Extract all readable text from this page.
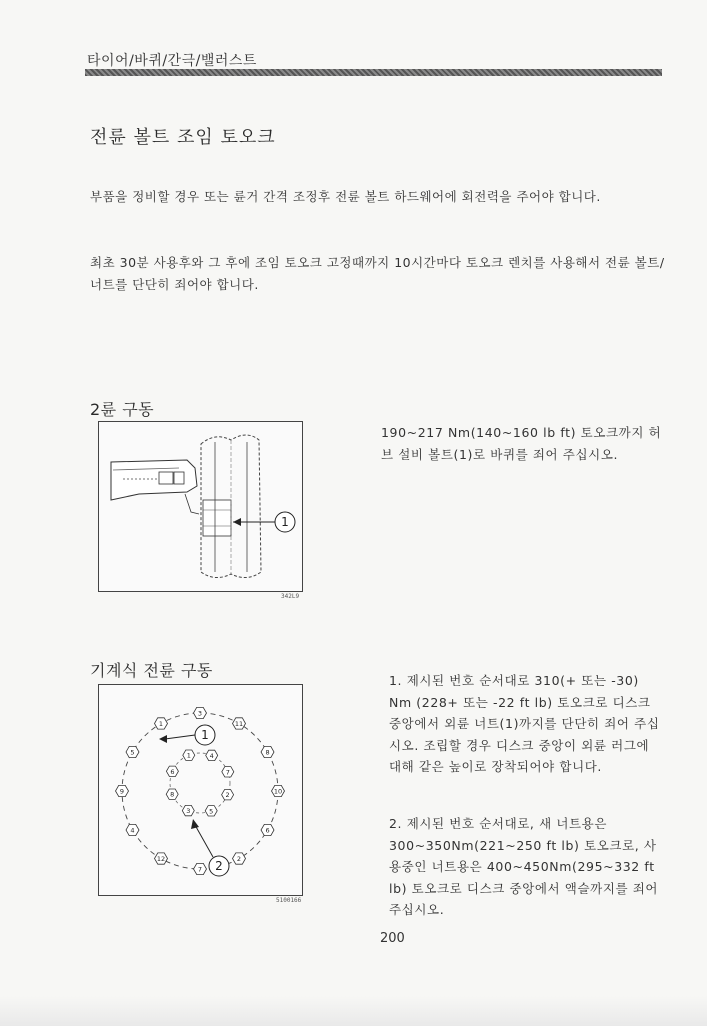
타이어/바퀴/간극/밸러스트
전륜 볼트 조임 토오크
부품을 정비할 경우 또는 륜거 간격 조정후 전륜 볼트 하드웨어에 회전력을 주어야 합니다.
최초 30분 사용후와 그 후에 조임 토오크 고정때까지 10시간마다 토오크 렌치를 사용해서 전륜 볼트/너트를 단단히 죄어야 합니다.
2륜 구동
1
342L9
190~217 Nm(140~160 lb ft) 토오크까지 허브 설비 볼트(1)로 바퀴를 죄어 주십시오.
기계식 전륜 구동
1
2
3
4
5
6
7
8
9	10
11
12
1
2
3
4
5
6	7
8
1
2
5100166
1. 제시된 번호 순서대로 310(+ 또는 -30) Nm (228+ 또는 -22 ft lb) 토오크로 디스크 중앙에서 외륜 너트(1)까지를 단단히 죄어 주십시오. 조립할 경우 디스크 중앙이 외륜 러그에 대해 같은 높이로 장착되어야 합니다.
2. 제시된 번호 순서대로, 새 너트용은 300~350Nm(221~250 ft lb) 토오크로, 사용중인 너트용은 400~450Nm(295~332 ft lb) 토오크로 디스크 중앙에서 액슬까지를 죄어 주십시오.
200
